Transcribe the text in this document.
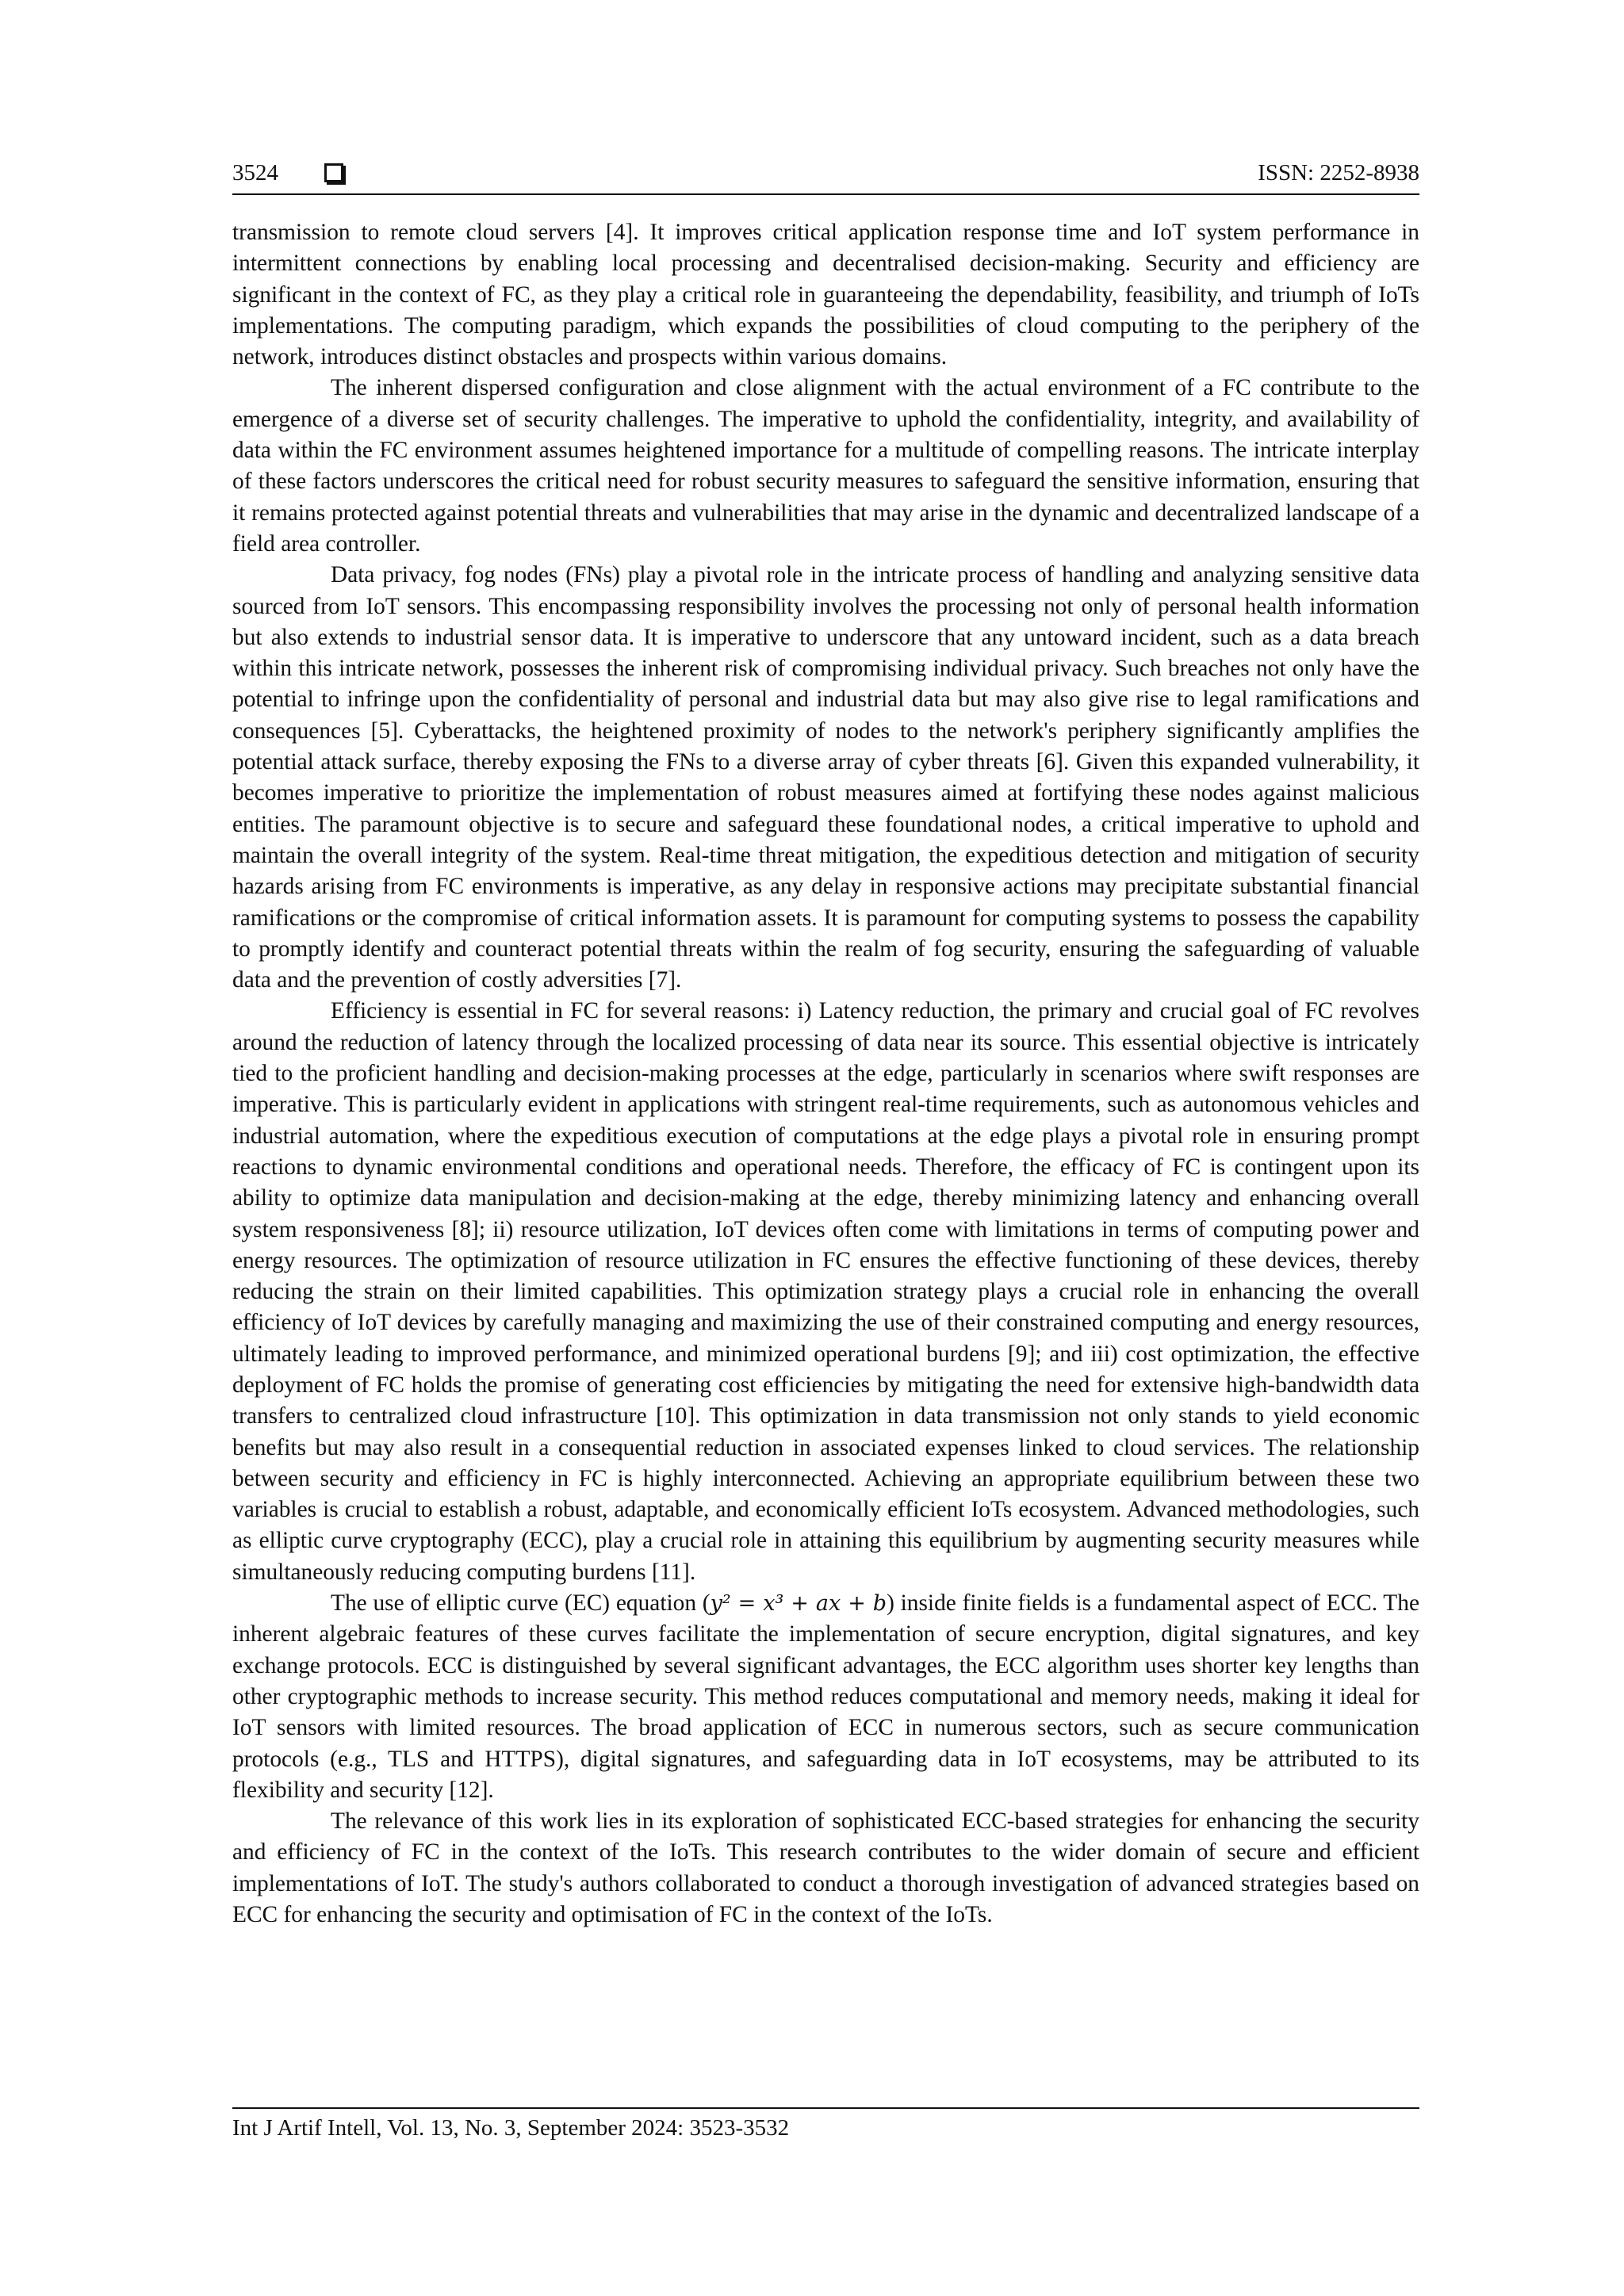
3524	ISSN: 2252-8938

transmission to remote cloud servers [4]. It improves critical application response time and IoT system performance in intermittent connections by enabling local processing and decentralised decision-making. Security and efficiency are significant in the context of FC, as they play a critical role in guaranteeing the dependability, feasibility, and triumph of IoTs implementations. The computing paradigm, which expands the possibilities of cloud computing to the periphery of the network, introduces distinct obstacles and prospects within various domains.

The inherent dispersed configuration and close alignment with the actual environment of a FC contribute to the emergence of a diverse set of security challenges. The imperative to uphold the confidentiality, integrity, and availability of data within the FC environment assumes heightened importance for a multitude of compelling reasons. The intricate interplay of these factors underscores the critical need for robust security measures to safeguard the sensitive information, ensuring that it remains protected against potential threats and vulnerabilities that may arise in the dynamic and decentralized landscape of a field area controller.

Data privacy, fog nodes (FNs) play a pivotal role in the intricate process of handling and analyzing sensitive data sourced from IoT sensors. This encompassing responsibility involves the processing not only of personal health information but also extends to industrial sensor data. It is imperative to underscore that any untoward incident, such as a data breach within this intricate network, possesses the inherent risk of compromising individual privacy. Such breaches not only have the potential to infringe upon the confidentiality of personal and industrial data but may also give rise to legal ramifications and consequences [5]. Cyberattacks, the heightened proximity of nodes to the network's periphery significantly amplifies the potential attack surface, thereby exposing the FNs to a diverse array of cyber threats [6]. Given this expanded vulnerability, it becomes imperative to prioritize the implementation of robust measures aimed at fortifying these nodes against malicious entities. The paramount objective is to secure and safeguard these foundational nodes, a critical imperative to uphold and maintain the overall integrity of the system. Real-time threat mitigation, the expeditious detection and mitigation of security hazards arising from FC environments is imperative, as any delay in responsive actions may precipitate substantial financial ramifications or the compromise of critical information assets. It is paramount for computing systems to possess the capability to promptly identify and counteract potential threats within the realm of fog security, ensuring the safeguarding of valuable data and the prevention of costly adversities [7].

Efficiency is essential in FC for several reasons: i) Latency reduction, the primary and crucial goal of FC revolves around the reduction of latency through the localized processing of data near its source. This essential objective is intricately tied to the proficient handling and decision-making processes at the edge, particularly in scenarios where swift responses are imperative. This is particularly evident in applications with stringent real-time requirements, such as autonomous vehicles and industrial automation, where the expeditious execution of computations at the edge plays a pivotal role in ensuring prompt reactions to dynamic environmental conditions and operational needs. Therefore, the efficacy of FC is contingent upon its ability to optimize data manipulation and decision-making at the edge, thereby minimizing latency and enhancing overall system responsiveness [8]; ii) resource utilization, IoT devices often come with limitations in terms of computing power and energy resources. The optimization of resource utilization in FC ensures the effective functioning of these devices, thereby reducing the strain on their limited capabilities. This optimization strategy plays a crucial role in enhancing the overall efficiency of IoT devices by carefully managing and maximizing the use of their constrained computing and energy resources, ultimately leading to improved performance, and minimized operational burdens [9]; and iii) cost optimization, the effective deployment of FC holds the promise of generating cost efficiencies by mitigating the need for extensive high-bandwidth data transfers to centralized cloud infrastructure [10]. This optimization in data transmission not only stands to yield economic benefits but may also result in a consequential reduction in associated expenses linked to cloud services. The relationship between security and efficiency in FC is highly interconnected. Achieving an appropriate equilibrium between these two variables is crucial to establish a robust, adaptable, and economically efficient IoTs ecosystem. Advanced methodologies, such as elliptic curve cryptography (ECC), play a crucial role in attaining this equilibrium by augmenting security measures while simultaneously reducing computing burdens [11].

The use of elliptic curve (EC) equation (y² = x³ + ax + b) inside finite fields is a fundamental aspect of ECC. The inherent algebraic features of these curves facilitate the implementation of secure encryption, digital signatures, and key exchange protocols. ECC is distinguished by several significant advantages, the ECC algorithm uses shorter key lengths than other cryptographic methods to increase security. This method reduces computational and memory needs, making it ideal for IoT sensors with limited resources. The broad application of ECC in numerous sectors, such as secure communication protocols (e.g., TLS and HTTPS), digital signatures, and safeguarding data in IoT ecosystems, may be attributed to its flexibility and security [12].

The relevance of this work lies in its exploration of sophisticated ECC-based strategies for enhancing the security and efficiency of FC in the context of the IoTs. This research contributes to the wider domain of secure and efficient implementations of IoT. The study's authors collaborated to conduct a thorough investigation of advanced strategies based on ECC for enhancing the security and optimisation of FC in the context of the IoTs.

Int J Artif Intell, Vol. 13, No. 3, September 2024: 3523-3532
